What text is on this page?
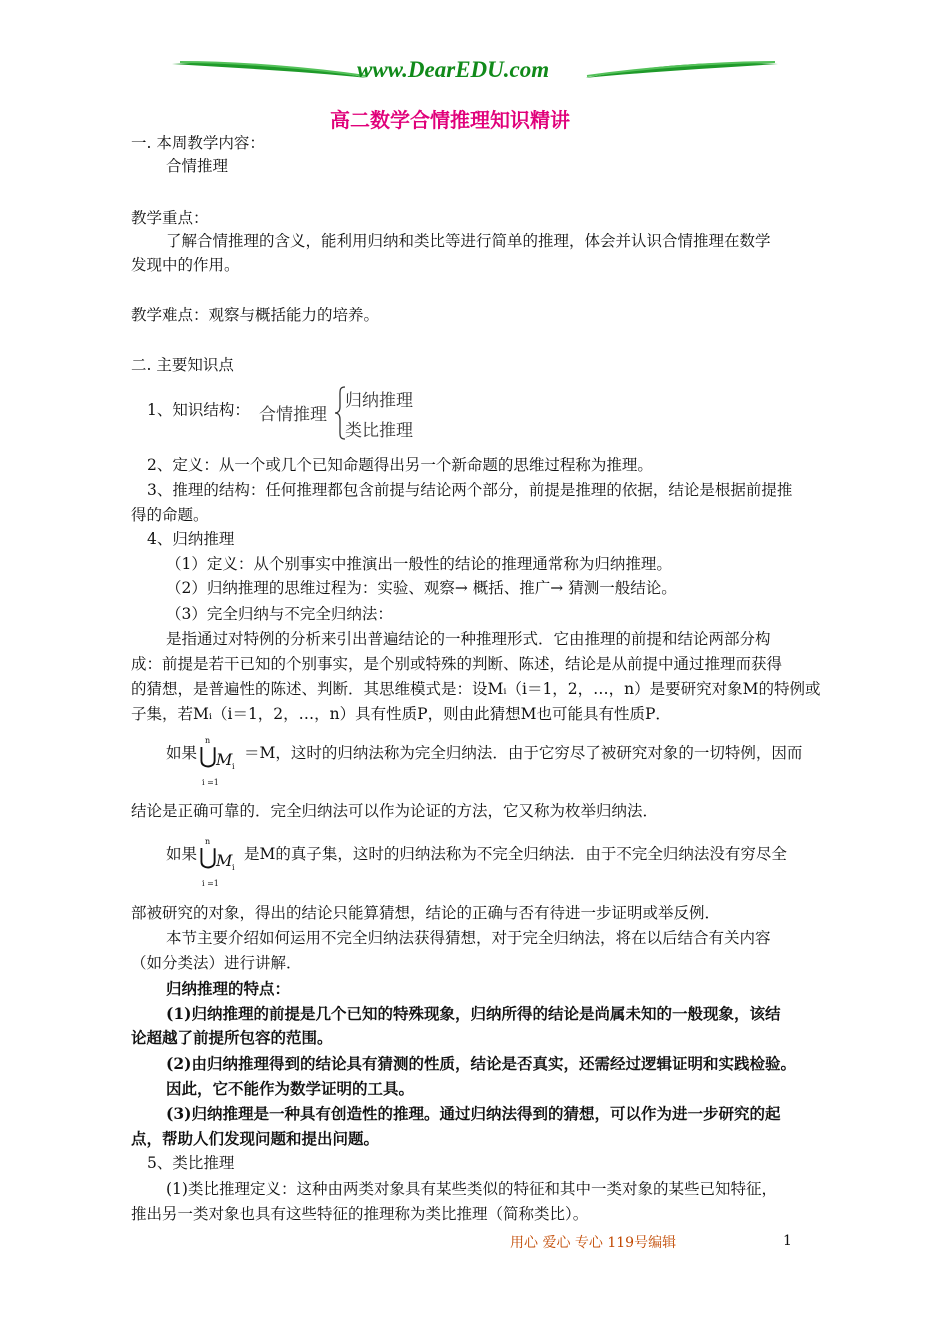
www.DearEDU.com
高二数学合情推理知识精讲
一. 本周教学内容：
合情推理
教学重点：
了解合情推理的含义，能利用归纳和类比等进行简单的推理，体会并认识合情推理在数学
发现中的作用。
教学难点：观察与概括能力的培养。
二. 主要知识点
1、知识结构： 合情推理
归纳推理
类比推理
2、定义：从一个或几个已知命题得出另一个新命题的思维过程称为推理。
3、推理的结构：任何推理都包含前提与结论两个部分，前提是推理的依据，结论是根据前提推
得的命题。
4、归纳推理
（1）定义：从个别事实中推演出一般性的结论的推理通常称为归纳推理。
（2）归纳推理的思维过程为：实验、观察→ 概括、推广→ 猜测一般结论。
（3）完全归纳与不完全归纳法：
是指通过对特例的分析来引出普遍结论的一种推理形式．它由推理的前提和结论两部分构
成：前提是若干已知的个别事实，是个别或特殊的判断、陈述，结论是从前提中通过推理而获得
的猜想，是普遍性的陈述、判断．其思维模式是：设Mᵢ（i＝1，2，…，n）是要研究对象M的特例或
子集，若Mᵢ（i＝1，2，…，n）具有性质P，则由此猜想M也可能具有性质P．
如果
n
⋃
M i
i =1
＝M，这时的归纳法称为完全归纳法．由于它穷尽了被研究对象的一切特例，因而
结论是正确可靠的．完全归纳法可以作为论证的方法，它又称为枚举归纳法．
如果
n
⋃
M i
i =1
是M的真子集，这时的归纳法称为不完全归纳法．由于不完全归纳法没有穷尽全
部被研究的对象，得出的结论只能算猜想，结论的正确与否有待进一步证明或举反例．
本节主要介绍如何运用不完全归纳法获得猜想，对于完全归纳法，将在以后结合有关内容
（如分类法）进行讲解．
归纳推理的特点：
(1)归纳推理的前提是几个已知的特殊现象，归纳所得的结论是尚属未知的一般现象，该结
论超越了前提所包容的范围。
(2)由归纳推理得到的结论具有猜测的性质，结论是否真实，还需经过逻辑证明和实践检验。
因此，它不能作为数学证明的工具。
(3)归纳推理是一种具有创造性的推理。通过归纳法得到的猜想，可以作为进一步研究的起
点，帮助人们发现问题和提出问题。
5、类比推理
(1)类比推理定义：这种由两类对象具有某些类似的特征和其中一类对象的某些已知特征，
推出另一类对象也具有这些特征的推理称为类比推理（简称类比）。
用心 爱心 专心 119号编辑	1
